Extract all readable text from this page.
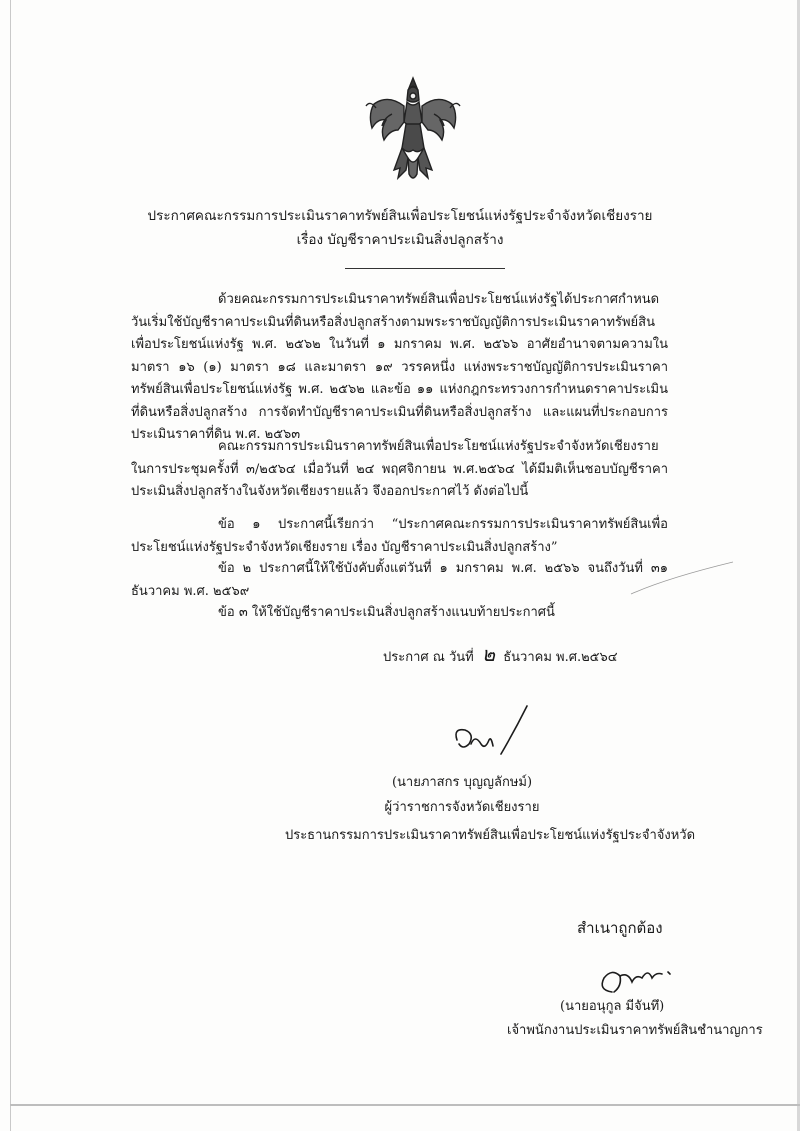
ประกาศคณะกรรมการประเมินราคาทรัพย์สินเพื่อประโยชน์แห่งรัฐประจำจังหวัดเชียงราย
เรื่อง บัญชีราคาประเมินสิ่งปลูกสร้าง
ด้วยคณะกรรมการประเมินราคาทรัพย์สินเพื่อประโยชน์แห่งรัฐได้ประกาศกำหนดวันเริ่มใช้บัญชีราคาประเมินที่ดินหรือสิ่งปลูกสร้างตามพระราชบัญญัติการประเมินราคาทรัพย์สินเพื่อประโยชน์แห่งรัฐ พ.ศ. ๒๕๖๒ ในวันที่ ๑ มกราคม พ.ศ. ๒๕๖๖ อาศัยอำนาจตามความในมาตรา ๑๖ (๑) มาตรา ๑๘ และมาตรา ๑๙ วรรคหนึ่ง แห่งพระราชบัญญัติการประเมินราคาทรัพย์สินเพื่อประโยชน์แห่งรัฐ พ.ศ. ๒๕๖๒ และข้อ ๑๑ แห่งกฎกระทรวงการกำหนดราคาประเมินที่ดินหรือสิ่งปลูกสร้าง การจัดทำบัญชีราคาประเมินที่ดินหรือสิ่งปลูกสร้าง และแผนที่ประกอบการประเมินราคาที่ดิน พ.ศ. ๒๕๖๓
คณะกรรมการประเมินราคาทรัพย์สินเพื่อประโยชน์แห่งรัฐประจำจังหวัดเชียงราย ในการประชุมครั้งที่ ๓/๒๕๖๔ เมื่อวันที่ ๒๔ พฤศจิกายน พ.ศ.๒๕๖๔ ได้มีมติเห็นชอบบัญชีราคาประเมินสิ่งปลูกสร้างในจังหวัดเชียงรายแล้ว จึงออกประกาศไว้ ดังต่อไปนี้
ข้อ ๑ ประกาศนี้เรียกว่า “ประกาศคณะกรรมการประเมินราคาทรัพย์สินเพื่อประโยชน์แห่งรัฐประจำจังหวัดเชียงราย เรื่อง บัญชีราคาประเมินสิ่งปลูกสร้าง”
ข้อ ๒ ประกาศนี้ให้ใช้บังคับตั้งแต่วันที่ ๑ มกราคม พ.ศ. ๒๕๖๖ จนถึงวันที่ ๓๑ ธันวาคม พ.ศ. ๒๕๖๙
ข้อ ๓ ให้ใช้บัญชีราคาประเมินสิ่งปลูกสร้างแนบท้ายประกาศนี้
ประกาศ ณ วันที่ ๒ ธันวาคม พ.ศ.๒๕๖๔
(นายภาสกร บุญญลักษม์)
ผู้ว่าราชการจังหวัดเชียงราย
ประธานกรรมการประเมินราคาทรัพย์สินเพื่อประโยชน์แห่งรัฐประจำจังหวัด
สำเนาถูกต้อง
(นายอนุกูล มีจันทึ)
เจ้าพนักงานประเมินราคาทรัพย์สินชำนาญการ
